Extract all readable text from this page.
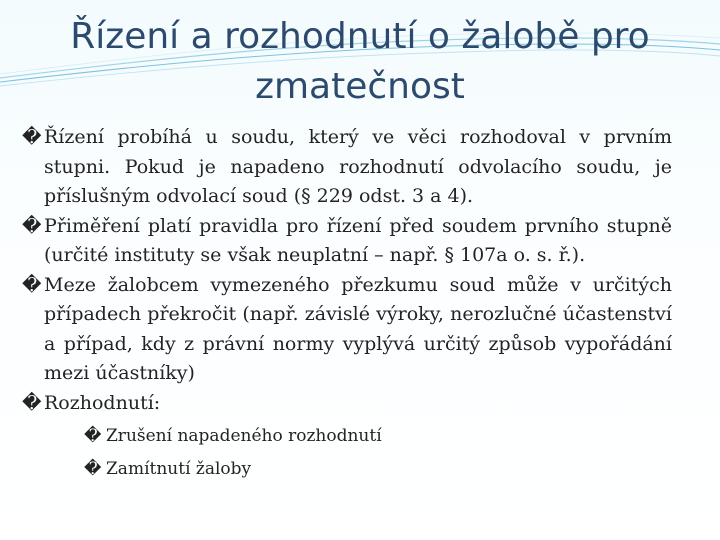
Řízení a rozhodnutí o žalobě pro zmatečnost

� Řízení probíhá u soudu, který ve věci rozhodoval v prvním stupni. Pokud je napadeno rozhodnutí odvolacího soudu, je příslušným odvolací soud (§ 229 odst. 3 a 4).

� Přiměření platí pravidla pro řízení před soudem prvního stupně (určité instituty se však neuplatní – např. § 107a o. s. ř.).

� Meze žalobcem vymezeného přezkumu soud může v určitých případech překročit (např. závislé výroky, nerozlučné účastenství a případ, kdy z právní normy vyplývá určitý způsob vypořádání mezi účastníky)

� Rozhodnutí:

� Zrušení napadeného rozhodnutí

� Zamítnutí žaloby
